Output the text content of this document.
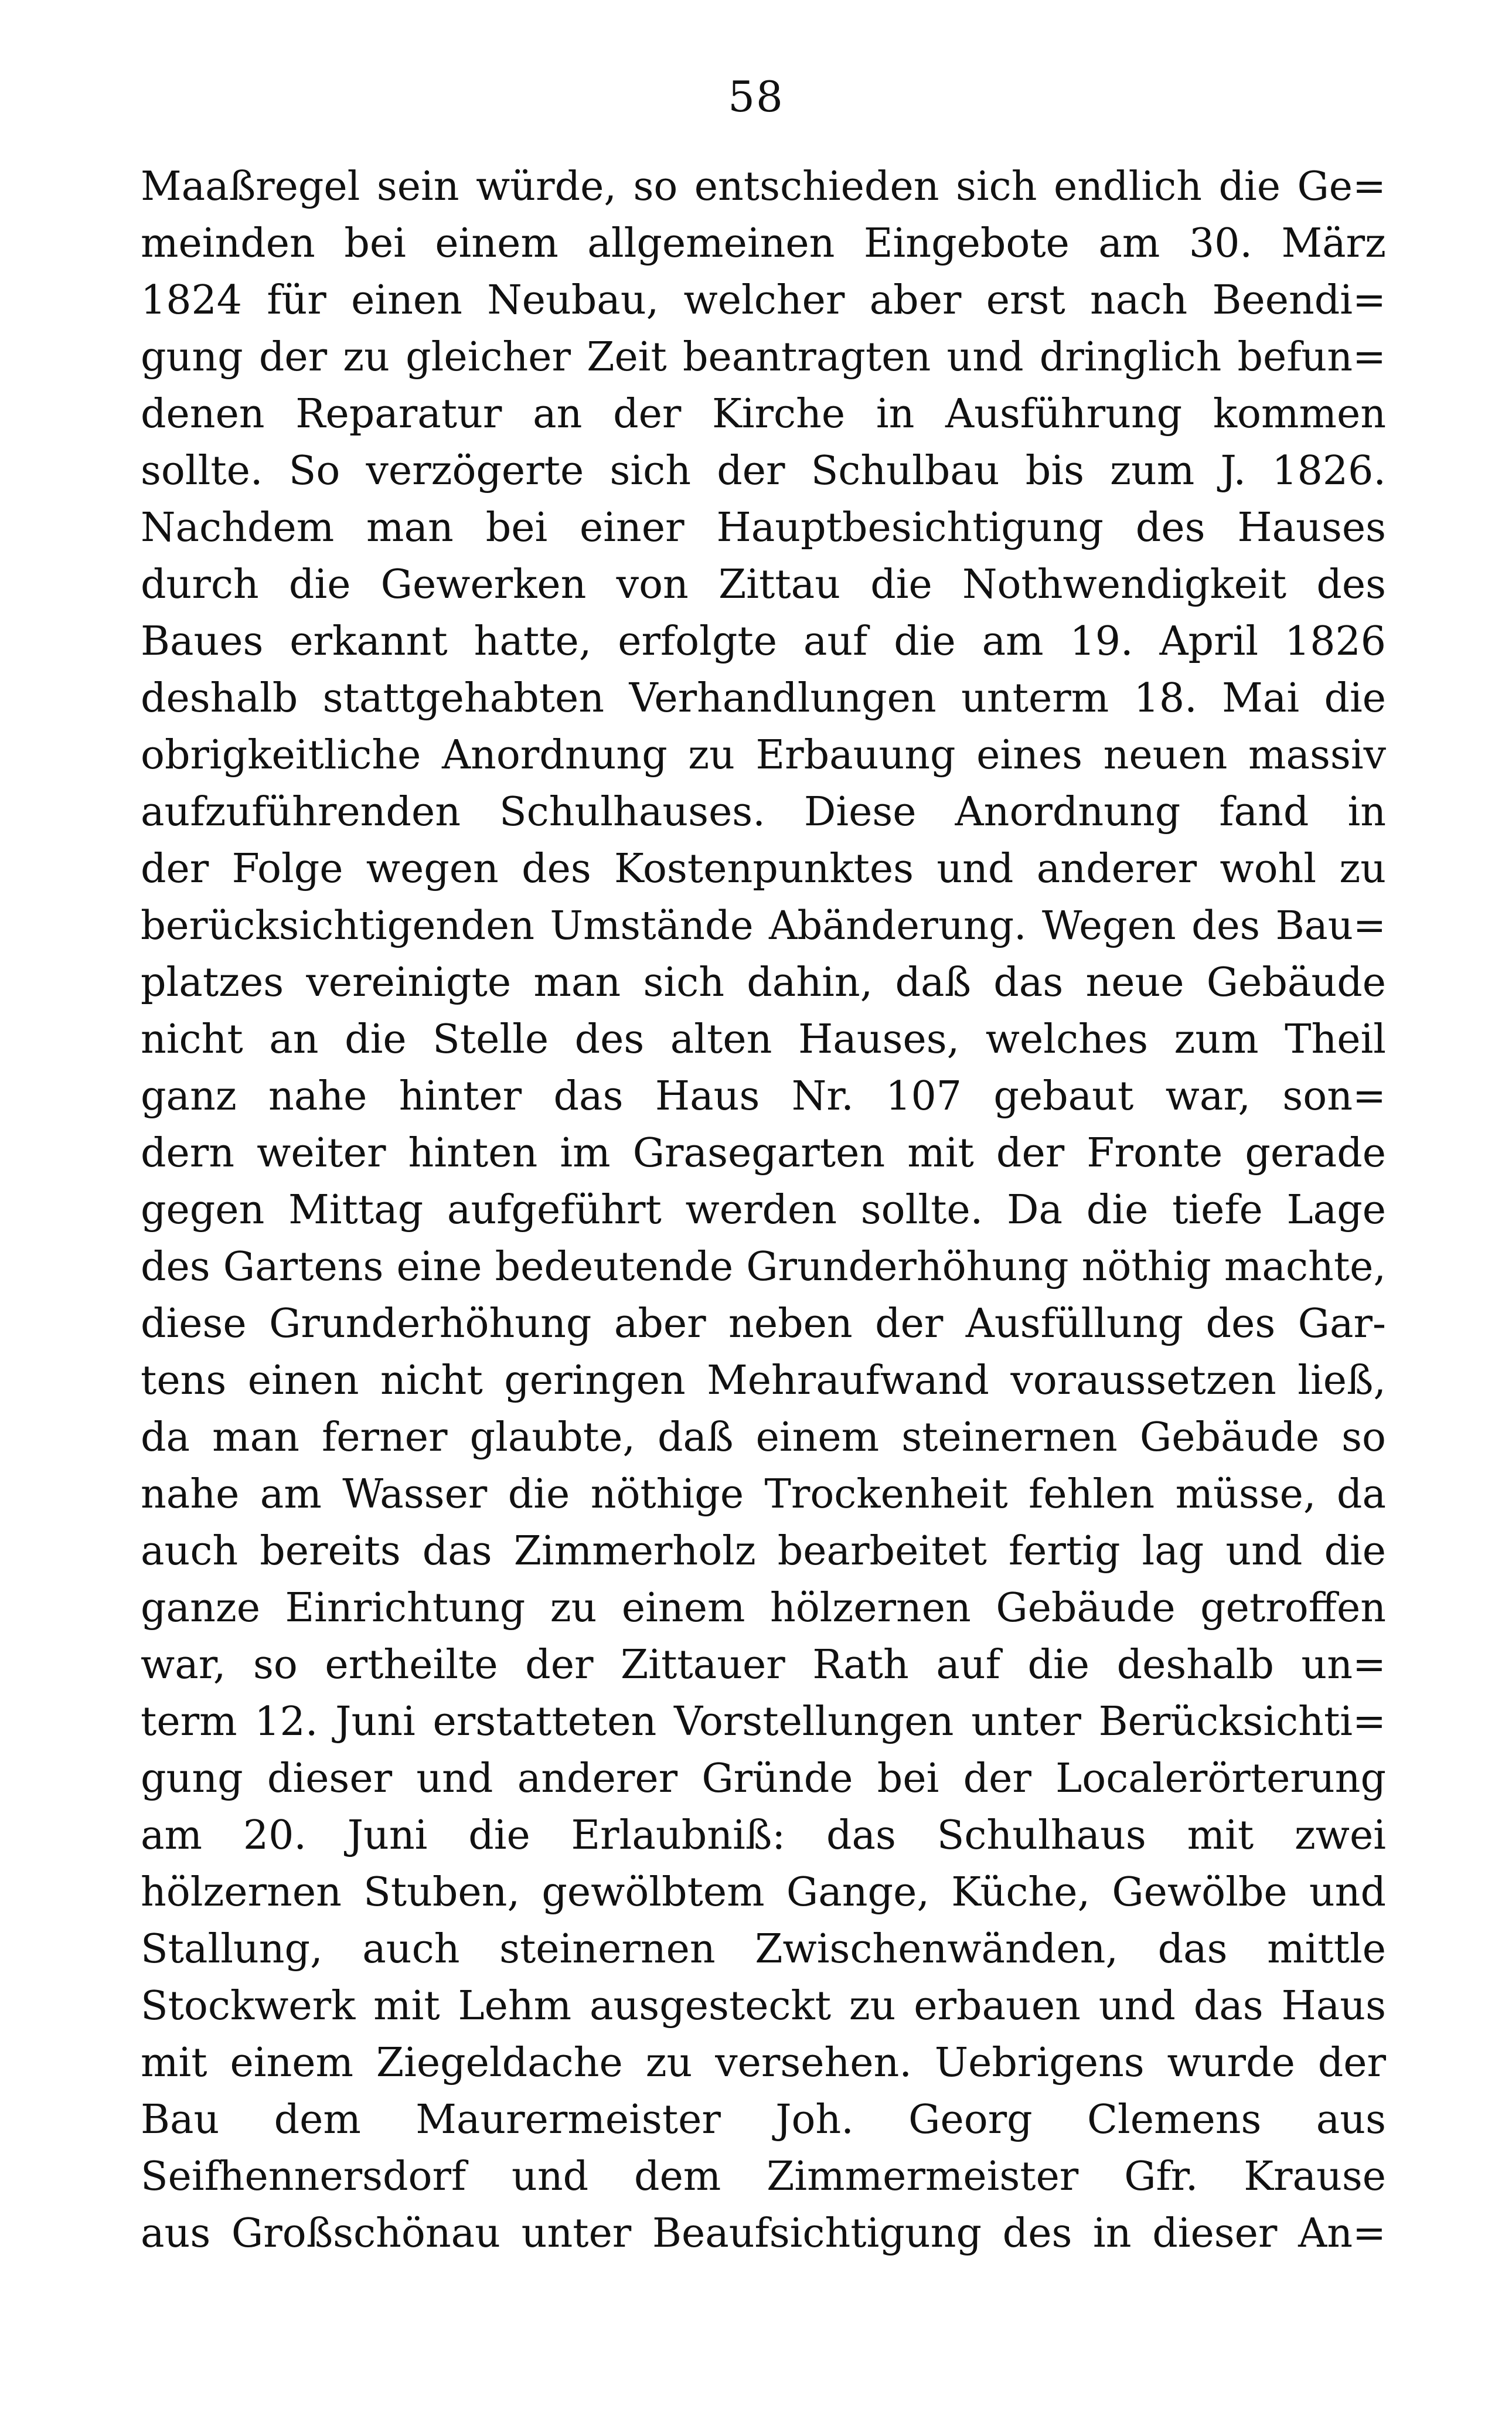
58
Maaßregel sein würde, so entschieden sich endlich die Ge=
meinden bei einem allgemeinen Eingebote am 30. März
1824 für einen Neubau, welcher aber erst nach Beendi=
gung der zu gleicher Zeit beantragten und dringlich befun=
denen Reparatur an der Kirche in Ausführung kommen
sollte. So verzögerte sich der Schulbau bis zum J. 1826.
Nachdem man bei einer Hauptbesichtigung des Hauses
durch die Gewerken von Zittau die Nothwendigkeit des
Baues erkannt hatte, erfolgte auf die am 19. April 1826
deshalb stattgehabten Verhandlungen unterm 18. Mai die
obrigkeitliche Anordnung zu Erbauung eines neuen massiv
aufzuführenden Schulhauses. Diese Anordnung fand in
der Folge wegen des Kostenpunktes und anderer wohl zu
berücksichtigenden Umstände Abänderung. Wegen des Bau=
platzes vereinigte man sich dahin, daß das neue Gebäude
nicht an die Stelle des alten Hauses, welches zum Theil
ganz nahe hinter das Haus Nr. 107 gebaut war, son=
dern weiter hinten im Grasegarten mit der Fronte gerade
gegen Mittag aufgeführt werden sollte. Da die tiefe Lage
des Gartens eine bedeutende Grunderhöhung nöthig machte,
diese Grunderhöhung aber neben der Ausfüllung des Gar-
tens einen nicht geringen Mehraufwand voraussetzen ließ,
da man ferner glaubte, daß einem steinernen Gebäude so
nahe am Wasser die nöthige Trockenheit fehlen müsse, da
auch bereits das Zimmerholz bearbeitet fertig lag und die
ganze Einrichtung zu einem hölzernen Gebäude getroffen
war, so ertheilte der Zittauer Rath auf die deshalb un=
term 12. Juni erstatteten Vorstellungen unter Berücksichti=
gung dieser und anderer Gründe bei der Localerörterung
am 20. Juni die Erlaubniß: das Schulhaus mit zwei
hölzernen Stuben, gewölbtem Gange, Küche, Gewölbe und
Stallung, auch steinernen Zwischenwänden, das mittle
Stockwerk mit Lehm ausgesteckt zu erbauen und das Haus
mit einem Ziegeldache zu versehen. Uebrigens wurde der
Bau dem Maurermeister Joh. Georg Clemens aus
Seifhennersdorf und dem Zimmermeister Gfr. Krause
aus Großschönau unter Beaufsichtigung des in dieser An=
